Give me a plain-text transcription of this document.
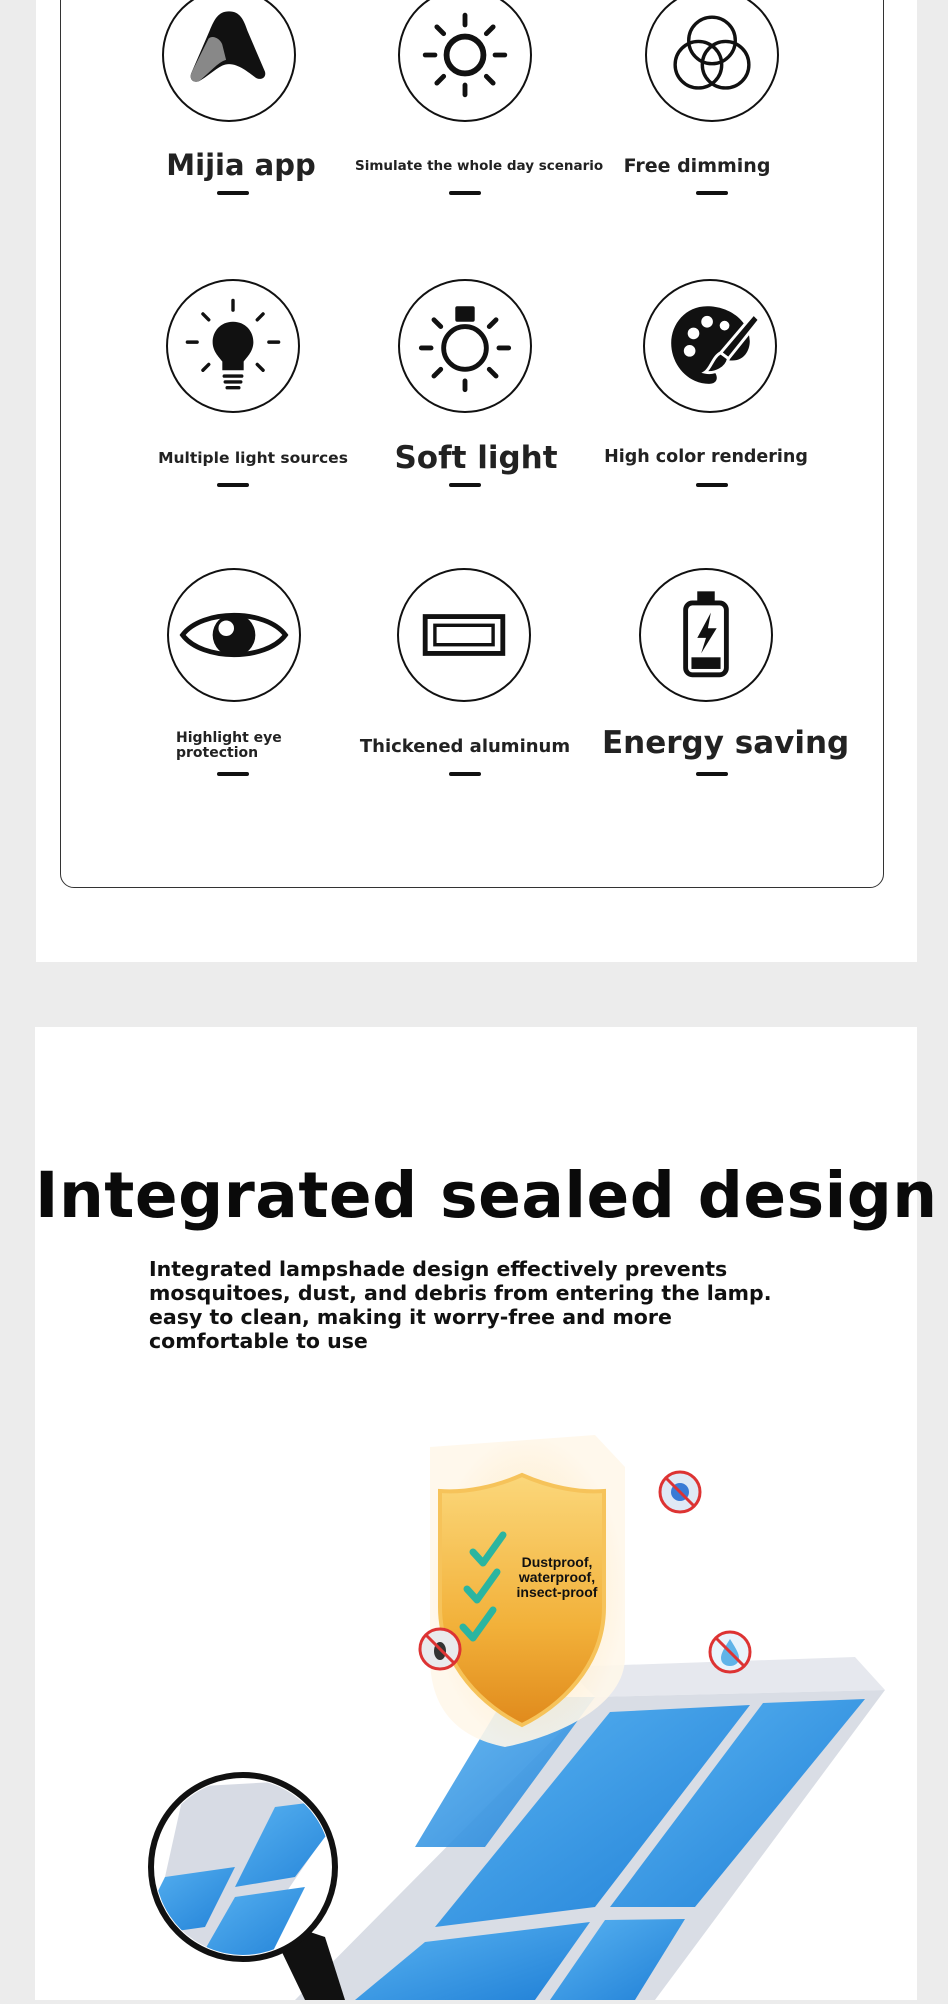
Mijia app	Simulate the whole day scenario	Free dimming
Multiple light sources	Soft light	High color rendering
Highlight eye protection	Thickened aluminum Energy saving
Integrated sealed design
Integrated lampshade design effectively prevents mosquitoes, dust, and debris from entering the lamp. easy to clean, making it worry-free and more comfortable to use
Dustproof,
waterproof,
insect-proof
